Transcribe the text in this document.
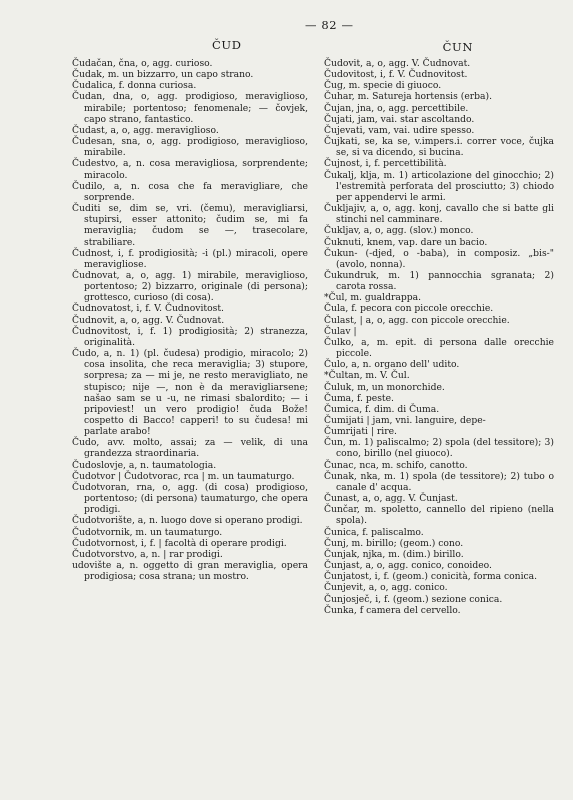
ČUD
— 82 —
ČUN

Čudačan, čna, o, agg. curioso.

Čudak, m. un bizzarro, un capo strano.

Čudalica, f. donna curiosa.

Čudan, dna, o, agg. prodigioso, meraviglioso, mirabile; portentoso; fenomenale; — čovjek, capo strano, fantastico.

Čudast, a, o, agg. meraviglioso.

Čudesan, sna, o, agg. prodigioso, meraviglioso, mirabile.

Čudestvo, a, n. cosa meravigliosa, sorprendente; miracolo.

Čudilo, a, n. cosa che fa meravigliare, che sorprende.

Čuditi se, dim se, vri. (čemu), meravigliarsi, stupirsi, esser attonito; čudim se, mi fa meraviglia; čudom se —, trasecolare, strabiliare.

Čudnost, i, f. prodigiosità; -i (pl.) miracoli, opere meravigliose.

Čudnovat, a, o, agg. 1) mirabile, meraviglioso, portentoso; 2) bizzarro, originale (di persona); grottesco, curioso (di cosa).

Čudnovatost, i, f. V. Čudnovitost.

Čudnovit, a, o, agg. V. Čudnovat.

Čudnovitost, i, f. 1) prodigiosità; 2) stranezza, originalità.

Čudo, a, n. 1) (pl. čudesa) prodigio, miracolo; 2) cosa insolita, che reca meraviglia; 3) stupore, sorpresa; za — mi je, ne resto meravigliato, ne stupisco; nije —, non è da meravigliarsene; našao sam se u -u, ne rimasi sbalordito; — i pripoviest! un vero prodigio! čuda Bože! cospetto di Bacco! capperi! to su čudesa! mi parlate arabo!

Čudo, avv. molto, assai; za — velik, di una grandezza straordinaria.

Čudoslovje, a, n. taumatologia.

Čudotvor | Čudotvorac, rca | m. un taumaturgo.

Čudotvoran, rna, o, agg. (di cosa) prodigioso, portentoso; (di persona) taumaturgo, che opera prodigi.

Čudotvorište, a, n. luogo dove si operano prodigi.

Čudotvornik, m. un taumaturgo.

Čudotvornost, i, f. | facoltà di operare prodigi.

Čudotvorstvo, a, n. | rar prodigi.

udovište a, n. oggetto di gran meraviglia, opera prodigiosa; cosa strana; un mostro.

Čudovit, a, o, agg. V. Čudnovat.

Čudovitost, i, f. V. Čudnovitost.

Čug, m. specie di giuoco.

Čuhar, m. Satureja hortensis (erba).

Čujan, jna, o, agg. percettibile.

Čujati, jam, vai. star ascoltando.

Čujevati, vam, vai. udire spesso.

Čujkati, se, ka se, v.impers.i. correr voce, čujka se, si va dicendo, si bucina.

Čujnost, i, f. percettibilità.

Čukalj, klja, m. 1) articolazione del ginocchio; 2) l'estremità perforata del prosciutto; 3) chiodo per appendervi le armi.

Čukljajiv, a, o, agg. konj, cavallo che si batte gli stinchi nel camminare.

Čukljav, a, o, agg. (slov.) monco.

Čuknuti, knem, vap. dare un bacio.

Čukun- (-djed, o -baba), in composiz. „bis-" (avolo, nonna).

Čukundruk, m. 1) pannocchia sgranata; 2) carota rossa.

*Čul, m. gualdrappa.

Čula, f. pecora con piccole orecchie.

Čulast, | a, o, agg. con piccole orecchie.

Čulav |

Čulko, a, m. epit. di persona dalle orecchie piccole.

Čulo, a, n. organo dell' udito.

*Čultan, m. V. Čul.

Čuluk, m, un monorchide.

Čuma, f. peste.

Čumica, f. dim. di Čuma.

Čumijati | jam, vni. languire, depe-

Čumrijati | rire.

Čun, m. 1) paliscalmo; 2) spola (del tessitore); 3) cono, birillo (nel giuoco).

Čunac, nca, m. schifo, canotto.

Čunak, nka, m. 1) spola (de tessitore); 2) tubo o canale d' acqua.

Čunast, a, o, agg. V. Čunjast.

Čunčar, m. spoletto, cannello del ripieno (nella spola).

Čunica, f. paliscalmo.

Čunj, m. birillo; (geom.) cono.

Čunjak, njka, m. (dim.) birillo.

Čunjast, a, o, agg. conico, conoideo.

Čunjatost, i, f. (geom.) conicità, forma conica.

Čunjevit, a, o, agg. conico.

Čunjosječ, i, f. (geom.) sezione conica.

Čunka, f camera del cervello.
